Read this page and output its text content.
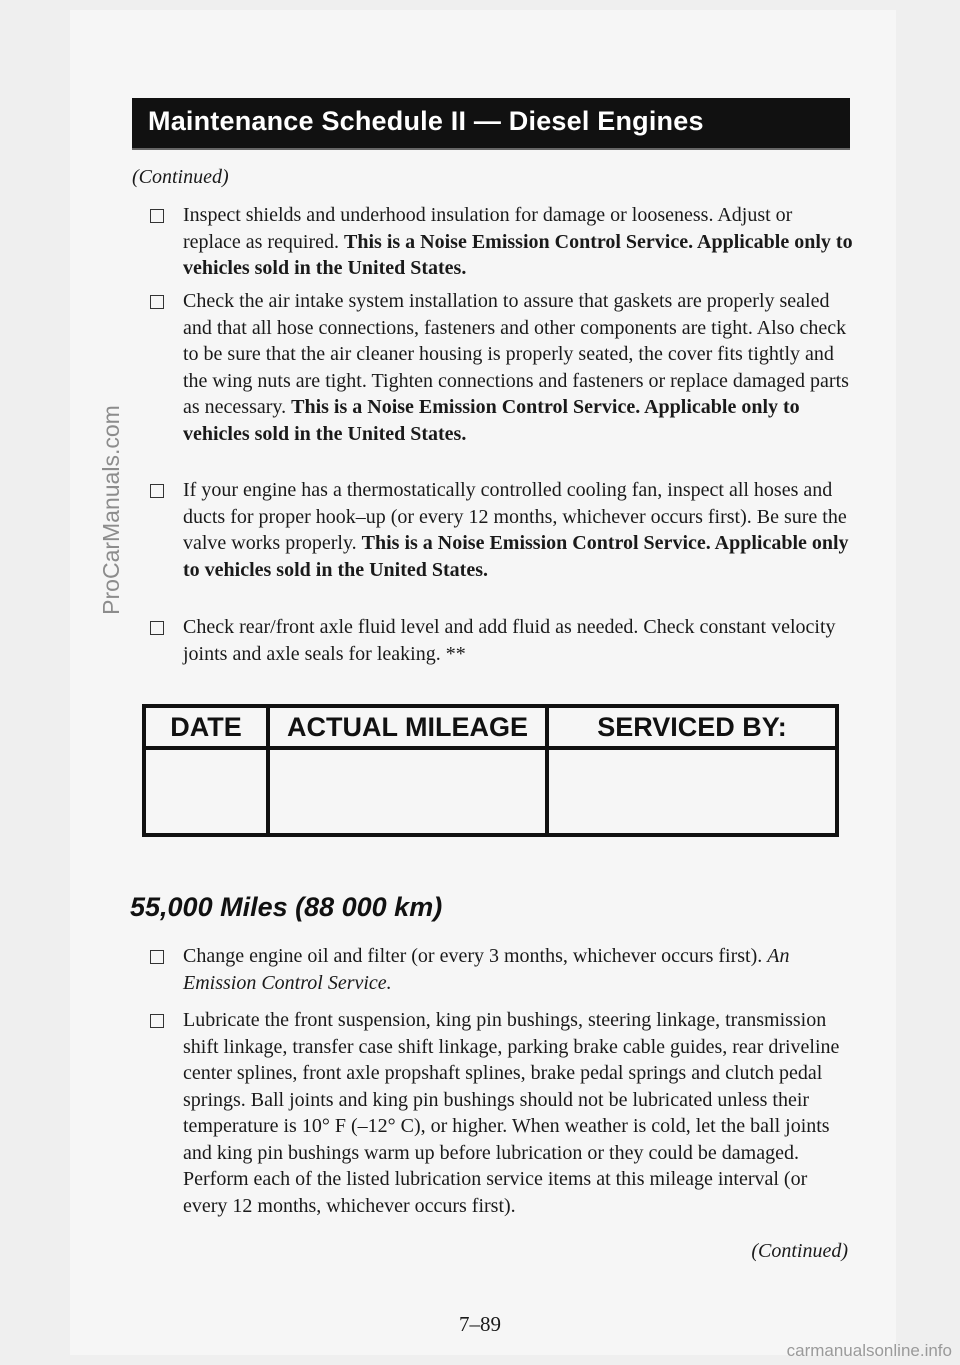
ProCarManuals.com
Maintenance Schedule II — Diesel Engines
(Continued)
Inspect shields and underhood insulation for damage or looseness. Adjust or replace as required. This is a Noise Emission Control Service. Applicable only to vehicles sold in the United States.
Check the air intake system installation to assure that gaskets are properly sealed and that all hose connections, fasteners and other components are tight. Also check to be sure that the air cleaner housing is properly seated, the cover fits tightly and the wing nuts are tight. Tighten connections and fasteners or replace damaged parts as necessary. This is a Noise Emission Control Service. Applicable only to vehicles sold in the United States.
If your engine has a thermostatically controlled cooling fan, inspect all hoses and ducts for proper hook–up (or every 12 months, whichever occurs first). Be sure the valve works properly. This is a Noise Emission Control Service. Applicable only to vehicles sold in the United States.
Check rear/front axle fluid level and add fluid as needed. Check constant velocity joints and axle seals for leaking. **
DATE	ACTUAL MILEAGE	SERVICED BY:

55,000 Miles (88 000 km)
Change engine oil and filter (or every 3 months, whichever occurs first). An Emission Control Service.
Lubricate the front suspension, king pin bushings, steering linkage, transmission shift linkage, transfer case shift linkage, parking brake cable guides, rear driveline center splines, front axle propshaft splines, brake pedal springs and clutch pedal springs. Ball joints and king pin bushings should not be lubricated unless their temperature is 10° F (–12° C), or higher. When weather is cold, let the ball joints and king pin bushings warm up before lubrication or they could be damaged. Perform each of the listed lubrication service items at this mileage interval (or every 12 months, whichever occurs first).
(Continued)
7–89
carmanualsonline.info
